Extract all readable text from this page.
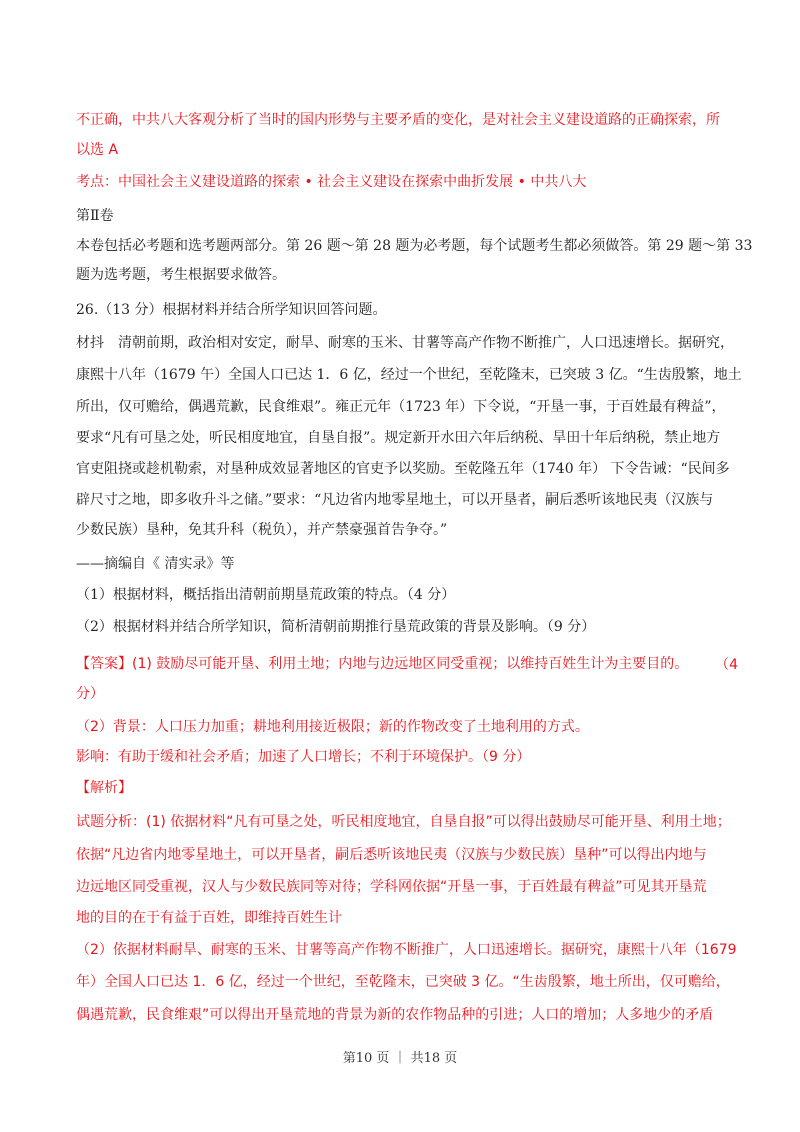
不正确，中共八大客观分析了当时的国内形势与主要矛盾的变化，是对社会主义建设道路的正确探索，所
以选 A
考点：中国社会主义建设道路的探索 • 社会主义建设在探索中曲折发展 • 中共八大
第Ⅱ卷
本卷包括必考题和选考题两部分。第 26 题～第 28 题为必考题，每个试题考生都必须做答。第 29 题～第 33
题为选考题，考生根据要求做答。
26.（13 分）根据材料并结合所学知识回答问题。
材抖　清朝前期，政治相对安定，耐旱、耐寒的玉米、甘薯等高产作物不断推广，人口迅速增长。据研究，
康熙十八年（1679 午）全国人口已达 1．6 亿，经过一个世纪，至乾隆末，已突玻 3 亿。“生齿殷繁，地土
所出，仅可赡给，偶遇荒歉，民食维艰”。雍正元年（1723 年）下令说，“开垦一事，于百姓最有稗益”，
要求“凡有可垦之处，听民相度地宜，自垦自报”。规定新开水田六年后纳税、旱田十年后纳税，禁止地方
官吏阻挠或趁机勒索，对垦种成效显著地区的官吏予以奖励。至乾隆五年（1740 年） 下令告诫：“民间多
辟尺寸之地，即多收升斗之储。”要求：“凡边省内地零星地土，可以开垦者，嗣后悉听该地民夷（汉族与
少数民族）垦种，免其升科（税负），并产禁豪强首告争夺。”
——摘编自《 清实录》等
（1）根据材料，概括指出清朝前期垦荒政策的特点。（4 分）
（2）根据材料并结合所学知识，简析清朝前期推行垦荒政策的背景及影响。（9 分）
【答案】(1) 鼓励尽可能开垦、利用土地；内地与边远地区同受重视；以维持百姓生计为主要目的。	（4
分）
（2）背景：人口压力加重；耕地利用接近极限；新的作物改变了土地利用的方式。
影响：有助于缓和社会矛盾；加速了人口增长；不利于环境保护。（9 分）
【解析】
试题分析：(1) 依据材料“凡有可垦之处，听民相度地宜，自垦自报”可以得出鼓励尽可能开垦、利用土地；
依据“凡边省内地零星地土，可以开垦者，嗣后悉听该地民夷（汉族与少数民族）垦种”可以得出内地与
边远地区同受重视，汉人与少数民族同等对待；学科网依据“开垦一事，于百姓最有稗益”可见其开垦荒
地的目的在于有益于百姓，即维持百姓生计
（2）依据材料耐旱、耐寒的玉米、甘薯等高产作物不断推广，人口迅速增长。据研究，康熙十八年（1679
年）全国人口已达 1．6 亿，经过一个世纪，至乾隆末，已突破 3 亿。“生齿殷繁，地土所出，仅可赡给，
偶遇荒歉，民食维艰”可以得出开垦荒地的背景为新的农作物品种的引进；人口的增加；人多地少的矛盾
第10 页 ｜ 共18 页
